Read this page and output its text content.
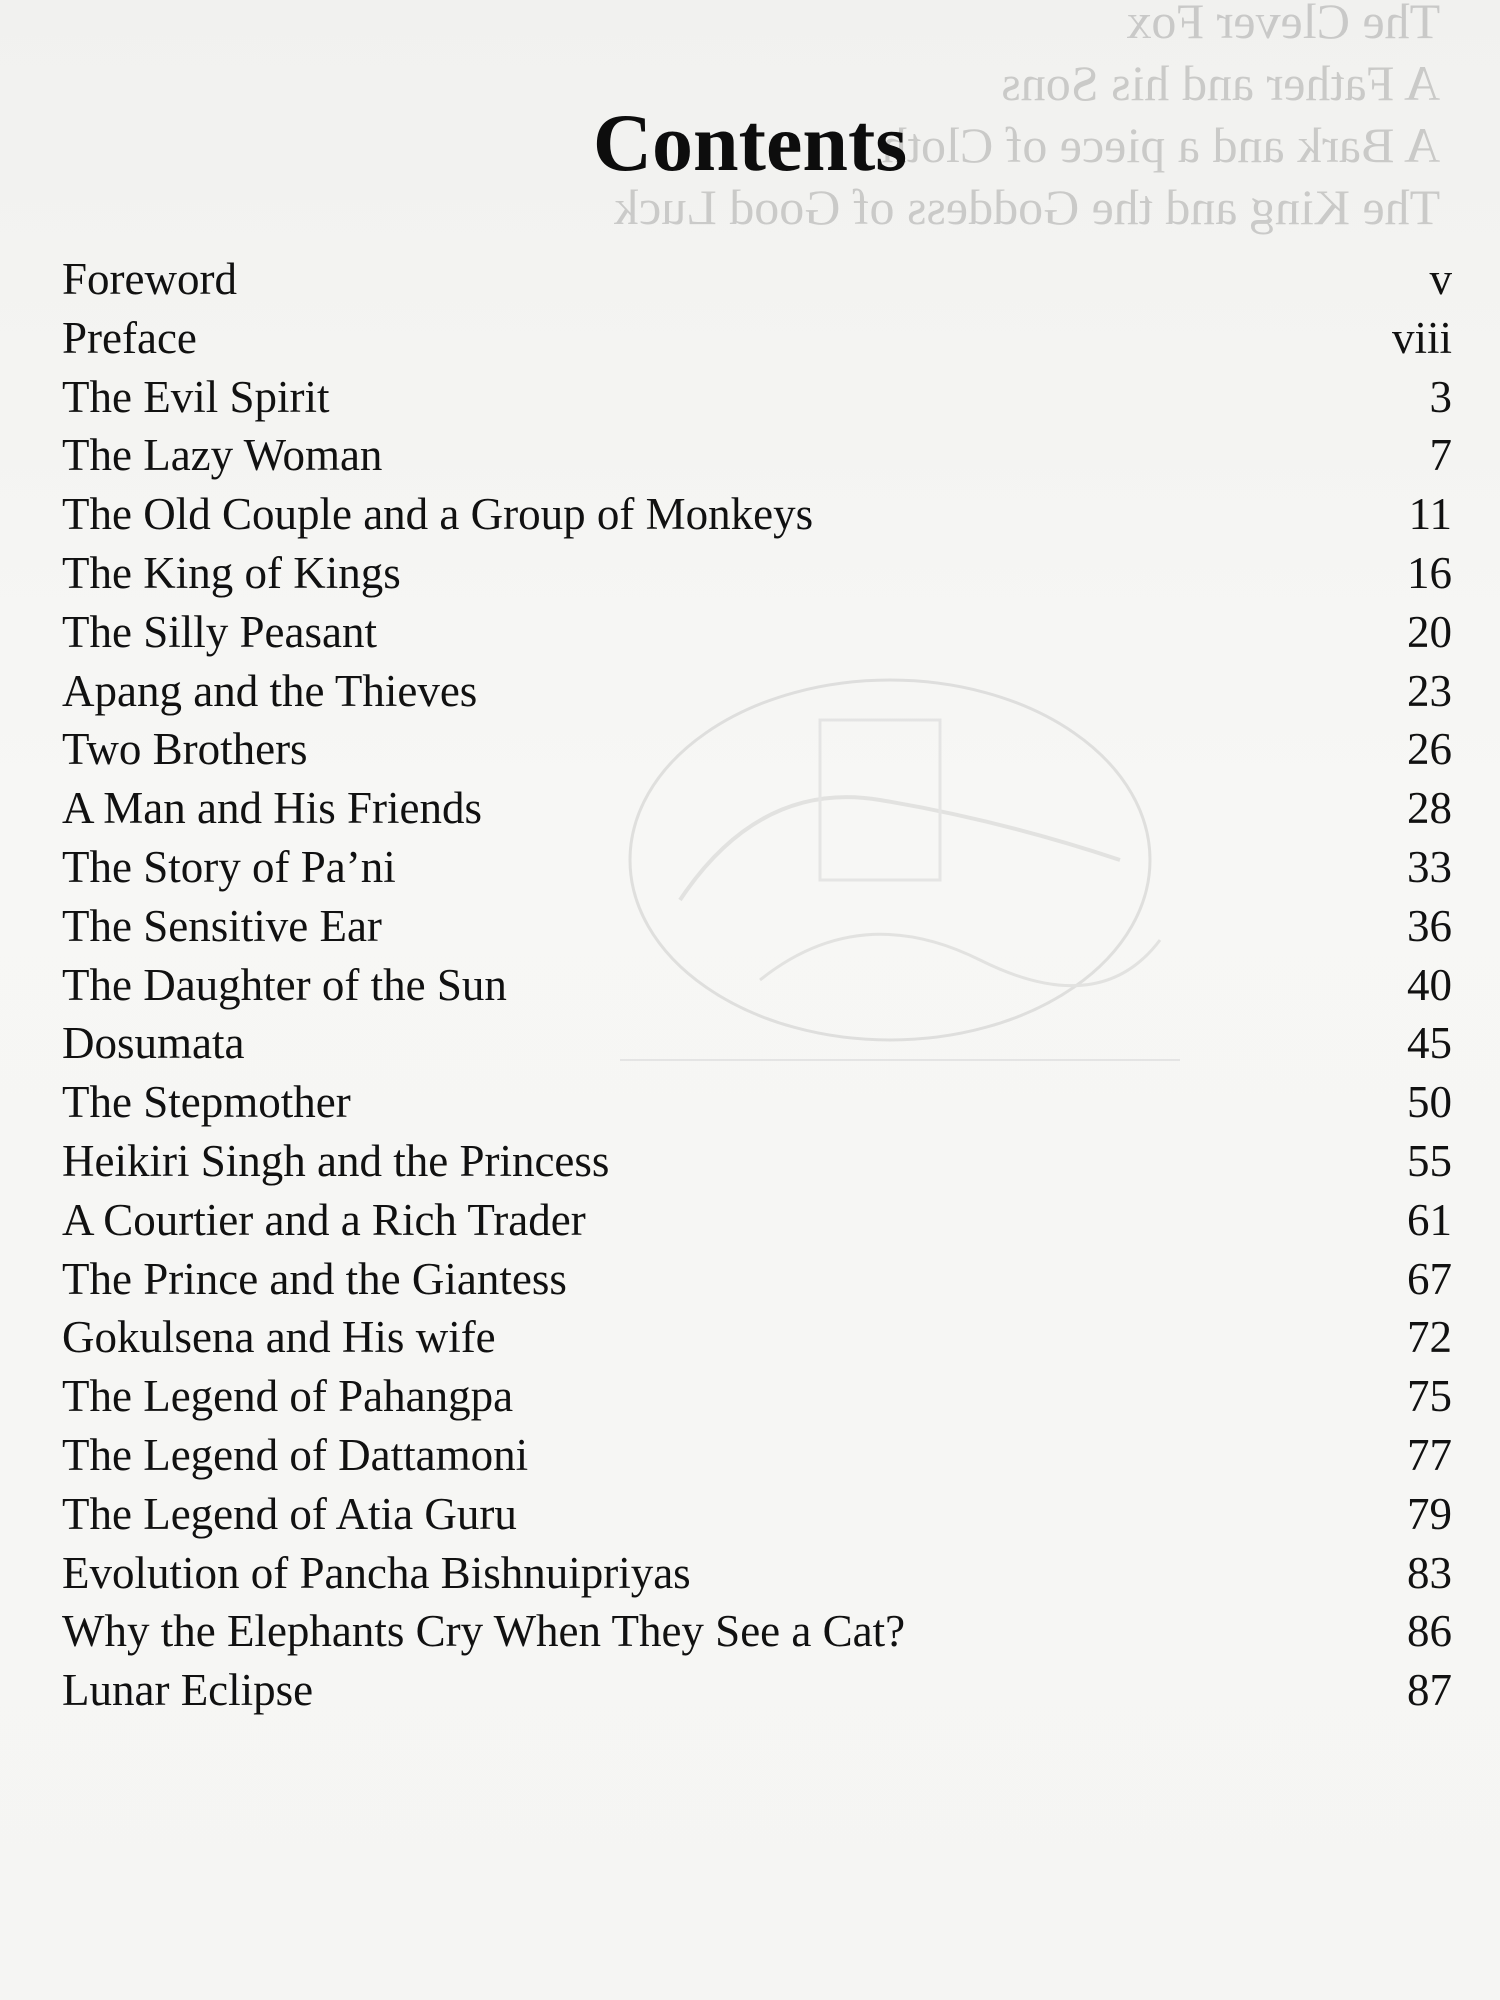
The Clever Fox
A Father and his Sons
A Bark and a piece of Cloth
The King and the Goddess of Good Luck
Contents
Foreword	v
Preface	viii
The Evil Spirit	3
The Lazy Woman	7
The Old Couple and a Group of Monkeys	11
The King of Kings	16
The Silly Peasant	20
Apang and the Thieves	23
Two Brothers	26
A Man and His Friends	28
The Story of Pa’ni	33
The Sensitive Ear	36
The Daughter of the Sun	40
Dosumata	45
The Stepmother	50
Heikiri Singh and the Princess	55
A Courtier and a Rich Trader	61
The Prince and the Giantess	67
Gokulsena and His wife	72
The Legend of Pahangpa	75
The Legend of Dattamoni	77
The Legend of Atia Guru	79
Evolution of Pancha Bishnuipriyas	83
Why the Elephants Cry When They See a Cat?	86
Lunar Eclipse	87
